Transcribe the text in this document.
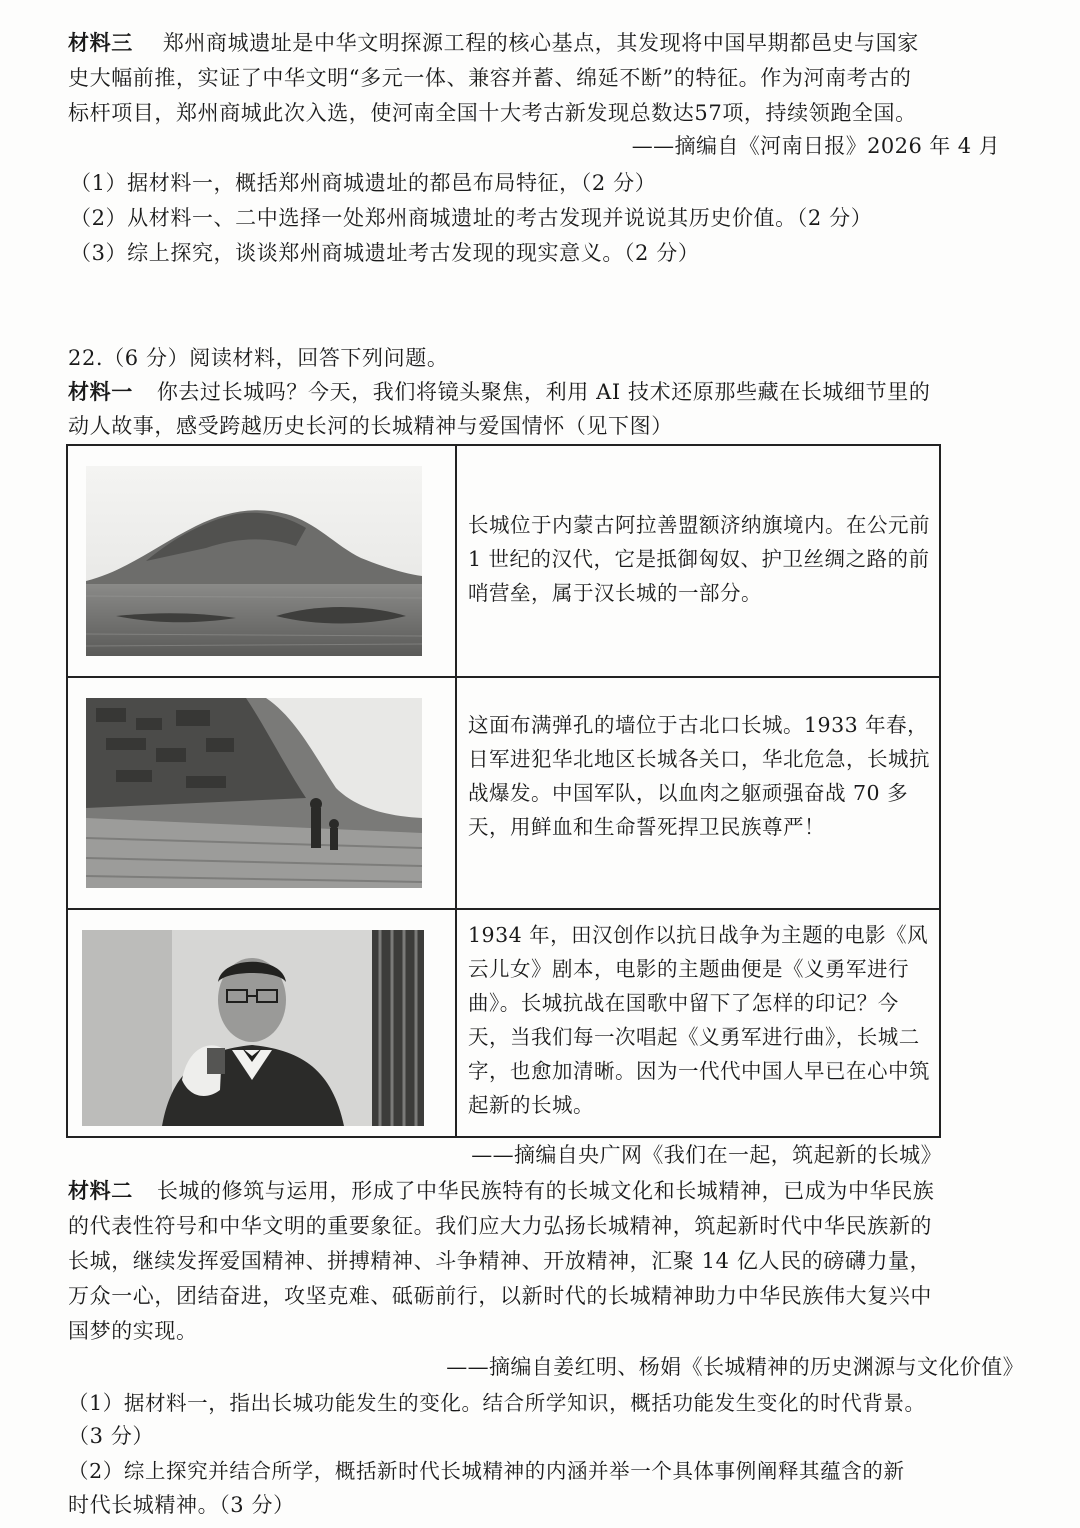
材料三 郑州商城遗址是中华文明探源工程的核心基点，其发现将中国早期都邑史与国家
史大幅前推，实证了中华文明“多元一体、兼容并蓄、绵延不断”的特征。作为河南考古的
标杆项目，郑州商城此次入选，使河南全国十大考古新发现总数达57项，持续领跑全国。
——摘编自《河南日报》2026 年 4 月
（1）据材料一，概括郑州商城遗址的都邑布局特征，（2 分）
（2）从材料一、二中选择一处郑州商城遗址的考古发现并说说其历史价值。（2 分）
（3）综上探究，谈谈郑州商城遗址考古发现的现实意义。（2 分）
22.（6 分）阅读材料，回答下列问题。
材料一 你去过长城吗？今天，我们将镜头聚焦，利用 AI 技术还原那些藏在长城细节里的
动人故事，感受跨越历史长河的长城精神与爱国情怀（见下图）
长城位于内蒙古阿拉善盟额济纳旗境内。在公元前 1 世纪的汉代，它是抵御匈奴、护卫丝绸之路的前哨营垒，属于汉长城的一部分。
这面布满弹孔的墙位于古北口长城。1933 年春，日军进犯华北地区长城各关口，华北危急，长城抗战爆发。中国军队，以血肉之躯顽强奋战 70 多天，用鲜血和生命誓死捍卫民族尊严！
1934 年，田汉创作以抗日战争为主题的电影《风云儿女》剧本，电影的主题曲便是《义勇军进行曲》。长城抗战在国歌中留下了怎样的印记？今天，当我们每一次唱起《义勇军进行曲》，长城二字，也愈加清晰。因为一代代中国人早已在心中筑起新的长城。
——摘编自央广网《我们在一起，筑起新的长城》
材料二 长城的修筑与运用，形成了中华民族特有的长城文化和长城精神，已成为中华民族
的代表性符号和中华文明的重要象征。我们应大力弘扬长城精神，筑起新时代中华民族新的
长城，继续发挥爱国精神、拼搏精神、斗争精神、开放精神，汇聚 14 亿人民的磅礴力量，
万众一心，团结奋进，攻坚克难、砥砺前行，以新时代的长城精神助力中华民族伟大复兴中
国梦的实现。
——摘编自姜红明、杨娟《长城精神的历史渊源与文化价值》
（1）据材料一，指出长城功能发生的变化。结合所学知识，概括功能发生变化的时代背景。
（3 分）
（2）综上探究并结合所学，概括新时代长城精神的内涵并举一个具体事例阐释其蕴含的新
时代长城精神。（3 分）
